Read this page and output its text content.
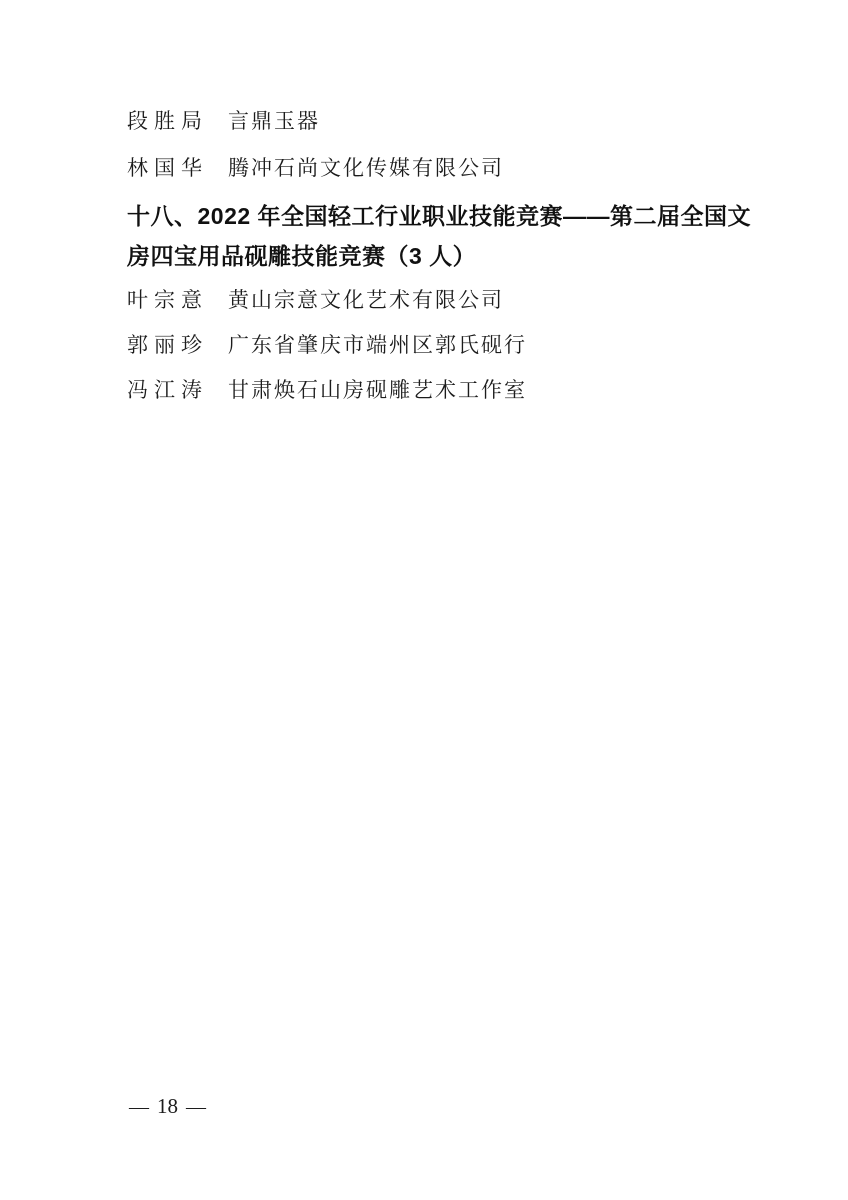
段胜局 言鼎玉器
林国华 腾冲石尚文化传媒有限公司
十八、2022 年全国轻工行业职业技能竞赛——第二届全国文
房四宝用品砚雕技能竞赛（3 人）
叶宗意 黄山宗意文化艺术有限公司
郭丽珍 广东省肇庆市端州区郭氏砚行
冯江涛 甘肃焕石山房砚雕艺术工作室
— 18 —
